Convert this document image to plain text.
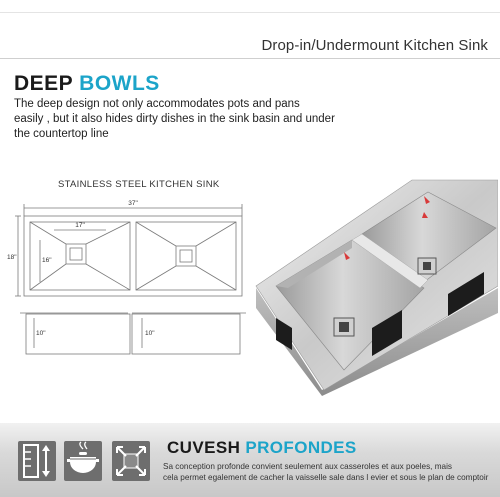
Drop-in/Undermount Kitchen Sink
DEEP BOWLS
The deep design not only accommodates pots and pans
easily , but it also hides dirty dishes in the sink basin and under
the countertop line
STAINLESS STEEL KITCHEN SINK
37"
17"
16"
18"
10"	10"
CUVESH PROFONDES
Sa conception profonde convient seulement aux casseroles et aux poeles, mais
cela permet egalement de cacher la vaisselle sale dans l evier et sous le plan de comptoir
